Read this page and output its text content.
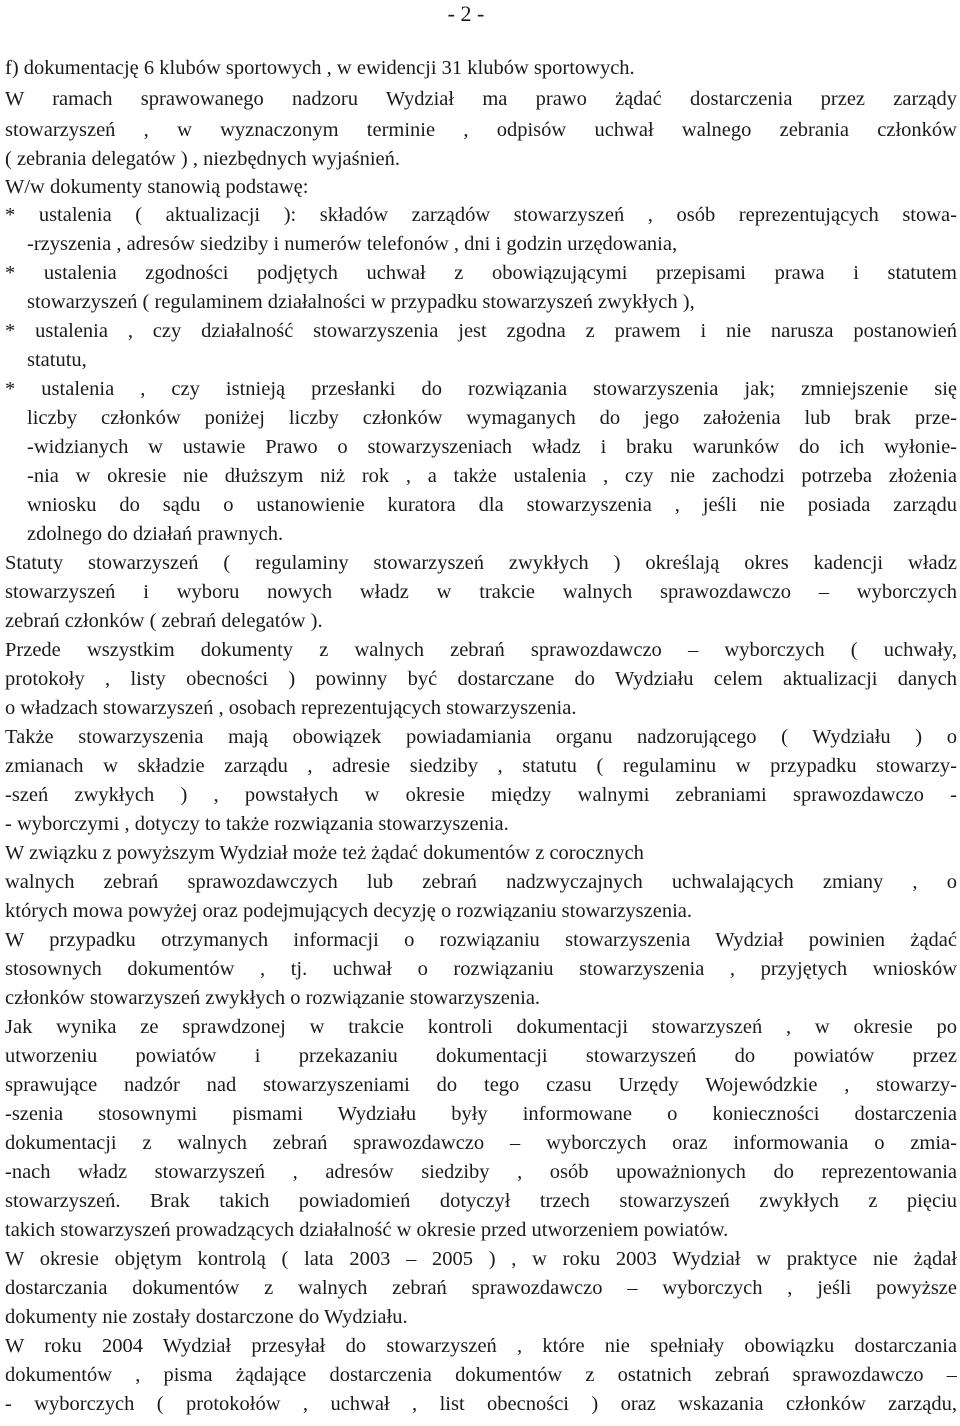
- 2 -
f) dokumentację 6 klubów sportowych , w ewidencji 31 klubów sportowych.
W ramach sprawowanego nadzoru Wydział ma prawo żądać dostarczenia przez zarządy
stowarzyszeń , w wyznaczonym terminie , odpisów uchwał walnego zebrania członków
( zebrania delegatów ) , niezbędnych wyjaśnień.
W/w dokumenty stanowią podstawę:
* ustalenia ( aktualizacji ): składów zarządów stowarzyszeń , osób reprezentujących stowa-
-rzyszenia , adresów siedziby i numerów telefonów , dni i godzin urzędowania,
* ustalenia zgodności podjętych uchwał z obowiązującymi przepisami prawa i statutem
stowarzyszeń ( regulaminem działalności w przypadku stowarzyszeń zwykłych ),
* ustalenia , czy działalność stowarzyszenia jest zgodna z prawem i nie narusza postanowień
statutu,
* ustalenia , czy istnieją przesłanki do rozwiązania stowarzyszenia jak; zmniejszenie się
liczby członków poniżej liczby członków wymaganych do jego założenia lub brak prze-
-widzianych w ustawie Prawo o stowarzyszeniach władz i braku warunków do ich wyłonie-
-nia w okresie nie dłuższym niż rok , a także ustalenia , czy nie zachodzi potrzeba złożenia
wniosku do sądu o ustanowienie kuratora dla stowarzyszenia , jeśli nie posiada zarządu
zdolnego do działań prawnych.
Statuty stowarzyszeń ( regulaminy stowarzyszeń zwykłych ) określają okres kadencji władz
stowarzyszeń i wyboru nowych władz w trakcie walnych sprawozdawczo – wyborczych
zebrań członków ( zebrań delegatów ).
Przede wszystkim dokumenty z walnych zebrań sprawozdawczo – wyborczych ( uchwały,
protokoły , listy obecności ) powinny być dostarczane do Wydziału celem aktualizacji danych
o władzach stowarzyszeń , osobach reprezentujących stowarzyszenia.
Także stowarzyszenia mają obowiązek powiadamiania organu nadzorującego ( Wydziału ) o
zmianach w składzie zarządu , adresie siedziby , statutu ( regulaminu w przypadku stowarzy-
-szeń zwykłych ) , powstałych w okresie między walnymi zebraniami sprawozdawczo -
- wyborczymi , dotyczy to także rozwiązania stowarzyszenia.
W związku z powyższym Wydział może też żądać dokumentów z corocznych
walnych zebrań sprawozdawczych lub zebrań nadzwyczajnych uchwalających zmiany , o
których mowa powyżej oraz podejmujących decyzję o rozwiązaniu stowarzyszenia.
W przypadku otrzymanych informacji o rozwiązaniu stowarzyszenia Wydział powinien żądać
stosownych dokumentów , tj. uchwał o rozwiązaniu stowarzyszenia , przyjętych wniosków
członków stowarzyszeń zwykłych o rozwiązanie stowarzyszenia.
Jak wynika ze sprawdzonej w trakcie kontroli dokumentacji stowarzyszeń , w okresie po
utworzeniu powiatów i przekazaniu dokumentacji stowarzyszeń do powiatów przez
sprawujące nadzór nad stowarzyszeniami do tego czasu Urzędy Wojewódzkie , stowarzy-
-szenia stosownymi pismami Wydziału były informowane o konieczności dostarczenia
dokumentacji z walnych zebrań sprawozdawczo – wyborczych oraz informowania o zmia-
-nach władz stowarzyszeń , adresów siedziby , osób upoważnionych do reprezentowania
stowarzyszeń. Brak takich powiadomień dotyczył trzech stowarzyszeń zwykłych z pięciu
takich stowarzyszeń prowadzących działalność w okresie przed utworzeniem powiatów.
W okresie objętym kontrolą ( lata 2003 – 2005 ) , w roku 2003 Wydział w praktyce nie żądał
dostarczania dokumentów z walnych zebrań sprawozdawczo – wyborczych , jeśli powyższe
dokumenty nie zostały dostarczone do Wydziału.
W roku 2004 Wydział przesyłał do stowarzyszeń , które nie spełniały obowiązku dostarczania
dokumentów , pisma żądające dostarczenia dokumentów z ostatnich zebrań sprawozdawczo –
- wyborczych ( protokołów , uchwał , list obecności ) oraz wskazania członków zarządu,
